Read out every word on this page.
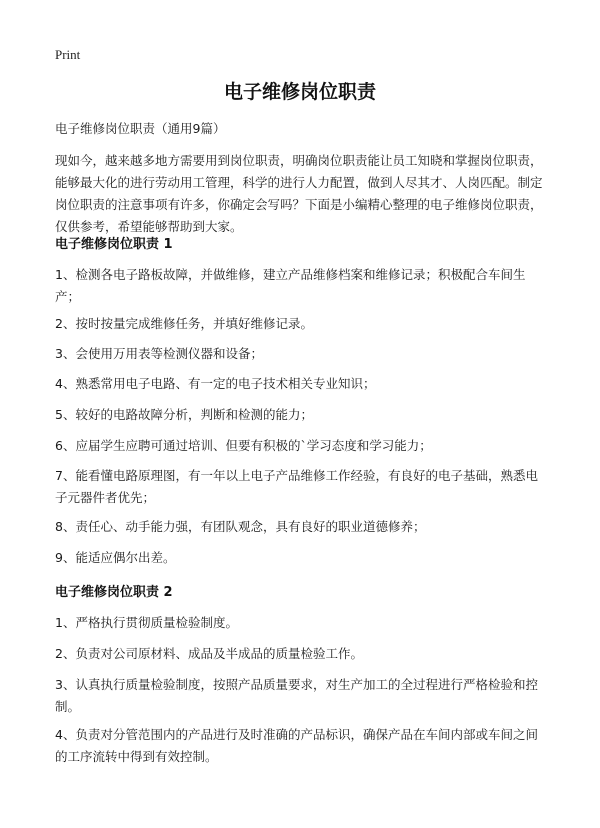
Print
电子维修岗位职责
电子维修岗位职责（通用9篇）

现如今，越来越多地方需要用到岗位职责，明确岗位职责能让员工知晓和掌握岗位职责，能够最大化的进行劳动用工管理，科学的进行人力配置，做到人尽其才、人岗匹配。制定岗位职责的注意事项有许多，你确定会写吗？下面是小编精心整理的电子维修岗位职责，仅供参考，希望能够帮助到大家。

电子维修岗位职责 1

1、检测各电子路板故障，并做维修，建立产品维修档案和维修记录；积极配合车间生产；

2、按时按量完成维修任务，并填好维修记录。

3、会使用万用表等检测仪器和设备；

4、熟悉常用电子电路、有一定的电子技术相关专业知识；

5、较好的电路故障分析，判断和检测的能力；

6、应届学生应聘可通过培训、但要有积极的`学习态度和学习能力；

7、能看懂电路原理图，有一年以上电子产品维修工作经验，有良好的电子基础，熟悉电子元器件者优先；

8、责任心、动手能力强，有团队观念，具有良好的职业道德修养；

9、能适应偶尔出差。

电子维修岗位职责 2

1、严格执行贯彻质量检验制度。

2、负责对公司原材料、成品及半成品的质量检验工作。

3、认真执行质量检验制度，按照产品质量要求，对生产加工的全过程进行严格检验和控制。

4、负责对分管范围内的产品进行及时准确的产品标识，确保产品在车间内部或车间之间的工序流转中得到有效控制。
